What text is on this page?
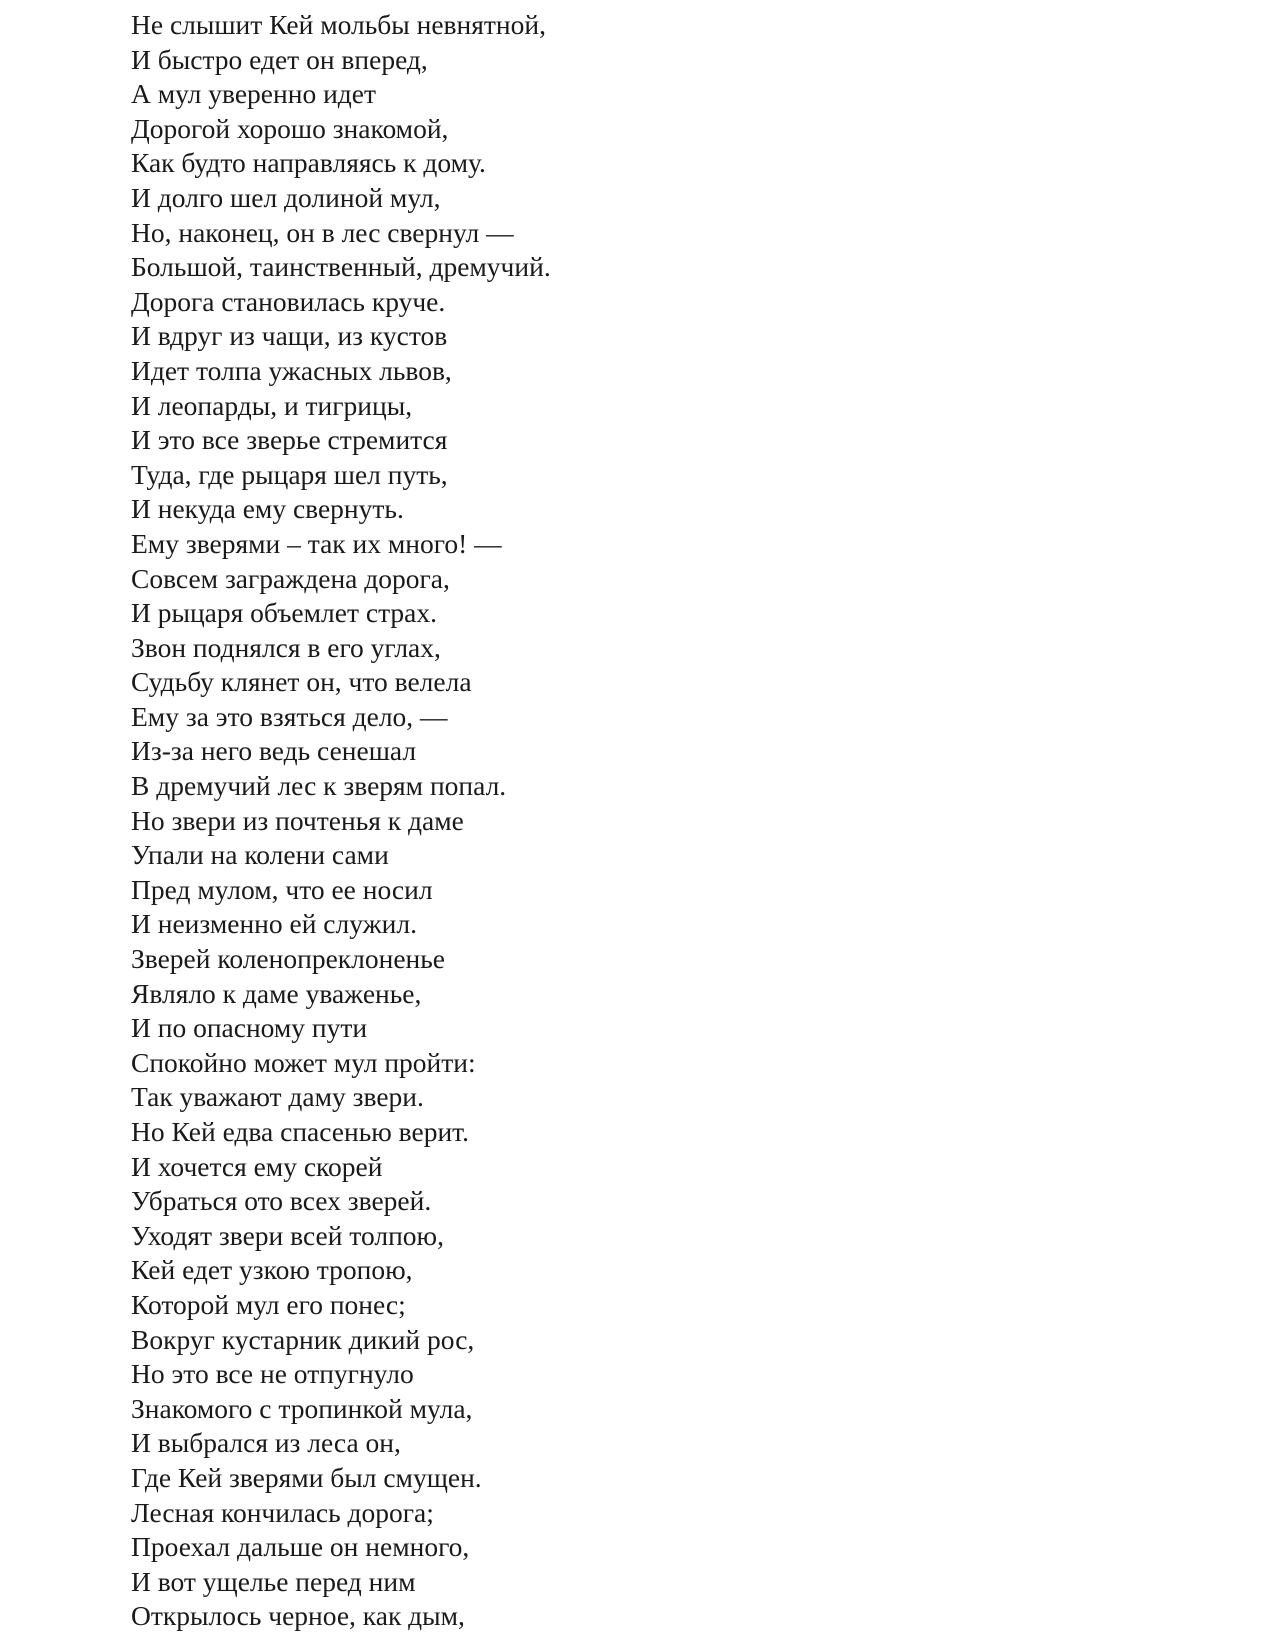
Не слышит Кей мольбы невнятной,
И быстро едет он вперед,
А мул уверенно идет
Дорогой хорошо знакомой,
Как будто направляясь к дому.
И долго шел долиной мул,
Но, наконец, он в лес свернул —
Большой, таинственный, дремучий.
Дорога становилась круче.
И вдруг из чащи, из кустов
Идет толпа ужасных львов,
И леопарды, и тигрицы,
И это все зверье стремится
Туда, где рыцаря шел путь,
И некуда ему свернуть.
Ему зверями – так их много! —
Совсем заграждена дорога,
И рыцаря объемлет страх.
Звон поднялся в его углах,
Судьбу клянет он, что велела
Ему за это взяться дело, —
Из-за него ведь сенешал
В дремучий лес к зверям попал.
Но звери из почтенья к даме
Упали на колени сами
Пред мулом, что ее носил
И неизменно ей служил.
Зверей коленопреклоненье
Являло к даме уваженье,
И по опасному пути
Спокойно может мул пройти:
Так уважают даму звери.
Но Кей едва спасенью верит.
И хочется ему скорей
Убраться ото всех зверей.
Уходят звери всей толпою,
Кей едет узкою тропою,
Которой мул его понес;
Вокруг кустарник дикий рос,
Но это все не отпугнуло
Знакомого с тропинкой мула,
И выбрался из леса он,
Где Кей зверями был смущен.
Лесная кончилась дорога;
Проехал дальше он немного,
И вот ущелье перед ним
Открылось черное, как дым,
